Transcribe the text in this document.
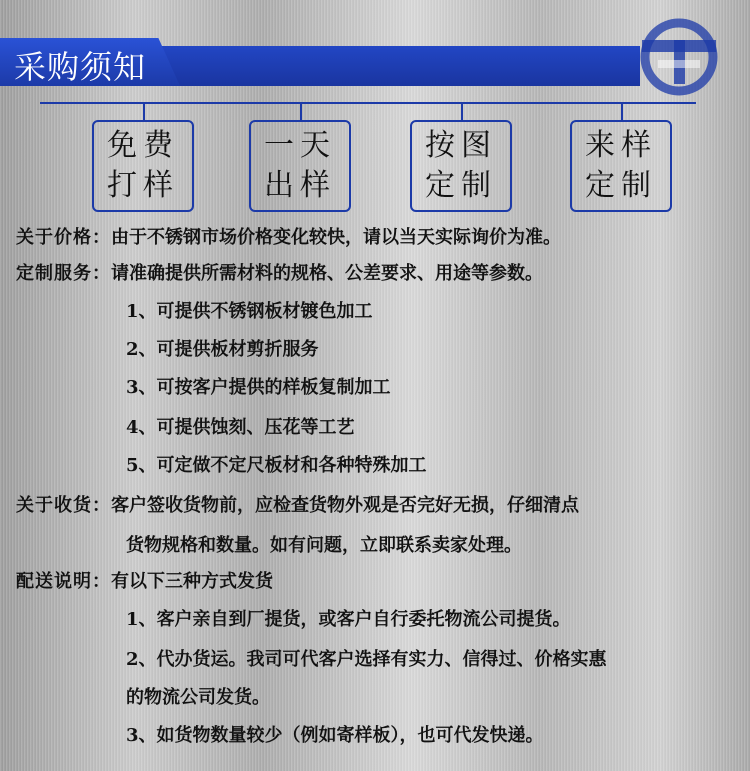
采购须知
免费
打样
一天
出样
按图
定制
来样
定制
关于价格：由于不锈钢市场价格变化较快，请以当天实际询价为准。
定制服务：请准确提供所需材料的规格、公差要求、用途等参数。
1、可提供不锈钢板材镀色加工
2、可提供板材剪折服务
3、可按客户提供的样板复制加工
4、可提供蚀刻、压花等工艺
5、可定做不定尺板材和各种特殊加工
关于收货：客户签收货物前，应检查货物外观是否完好无损，仔细清点
货物规格和数量。如有问题，立即联系卖家处理。
配送说明：有以下三种方式发货
1、客户亲自到厂提货，或客户自行委托物流公司提货。
2、代办货运。我司可代客户选择有实力、信得过、价格实惠
的物流公司发货。
3、如货物数量较少（例如寄样板），也可代发快递。
